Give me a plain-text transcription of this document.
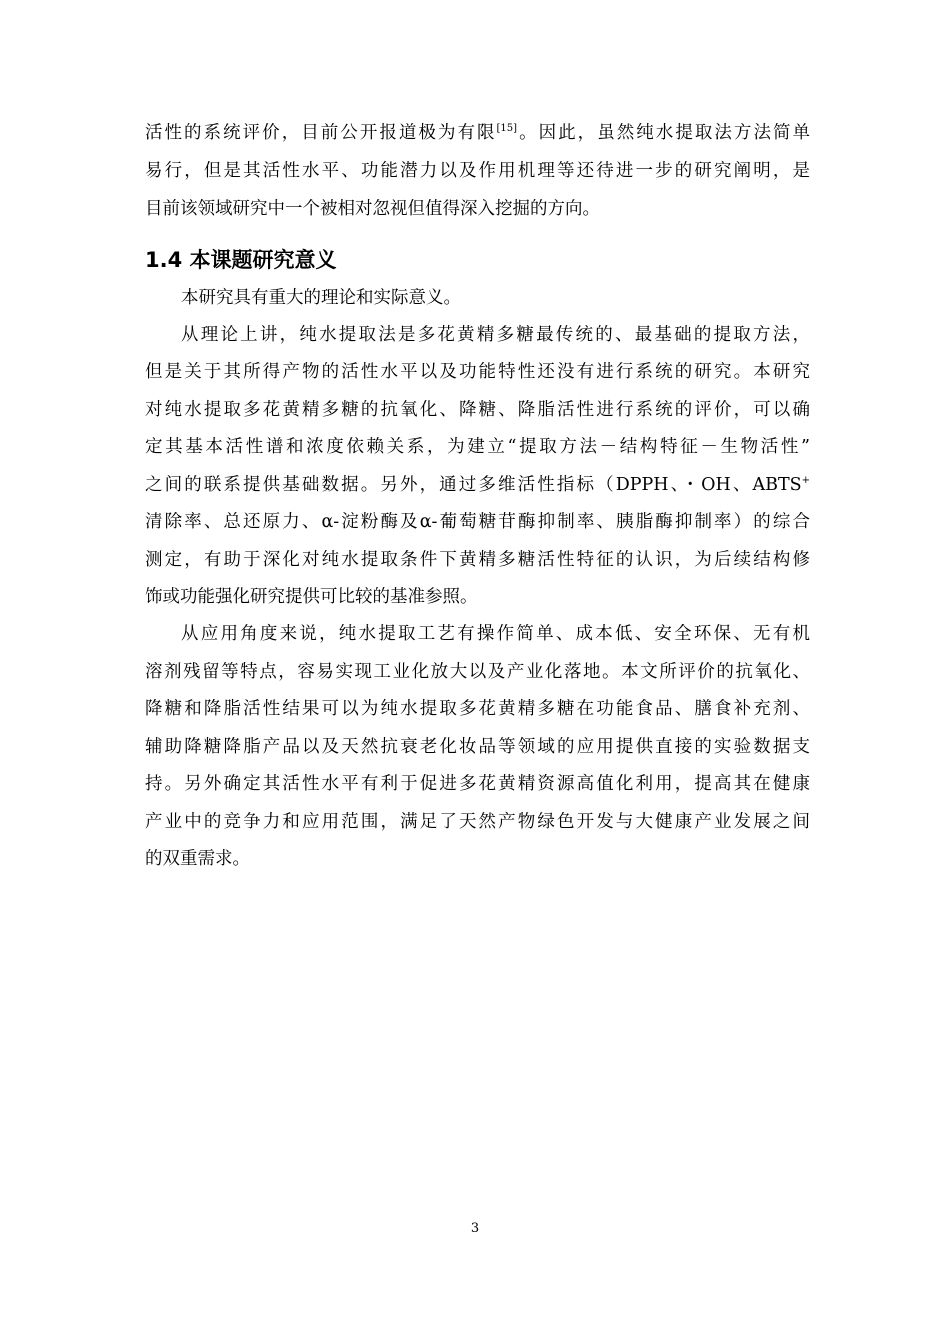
活性的系统评价，目前公开报道极为有限[15]。因此，虽然纯水提取法方法简单
易行，但是其活性水平、功能潜力以及作用机理等还待进一步的研究阐明，是
目前该领域研究中一个被相对忽视但值得深入挖掘的方向。
1.4 本课题研究意义
本研究具有重大的理论和实际意义。
从理论上讲，纯水提取法是多花黄精多糖最传统的、最基础的提取方法，
但是关于其所得产物的活性水平以及功能特性还没有进行系统的研究。本研究
对纯水提取多花黄精多糖的抗氧化、降糖、降脂活性进行系统的评价，可以确
定其基本活性谱和浓度依赖关系，为建立“提取方法－结构特征－生物活性”
之间的联系提供基础数据。另外，通过多维活性指标（DPPH、・OH、ABTS+
清除率、总还原力、α-淀粉酶及α-葡萄糖苷酶抑制率、胰脂酶抑制率）的综合
测定，有助于深化对纯水提取条件下黄精多糖活性特征的认识，为后续结构修
饰或功能强化研究提供可比较的基准参照。
从应用角度来说，纯水提取工艺有操作简单、成本低、安全环保、无有机
溶剂残留等特点，容易实现工业化放大以及产业化落地。本文所评价的抗氧化、
降糖和降脂活性结果可以为纯水提取多花黄精多糖在功能食品、膳食补充剂、
辅助降糖降脂产品以及天然抗衰老化妆品等领域的应用提供直接的实验数据支
持。另外确定其活性水平有利于促进多花黄精资源高值化利用，提高其在健康
产业中的竞争力和应用范围，满足了天然产物绿色开发与大健康产业发展之间
的双重需求。
3
